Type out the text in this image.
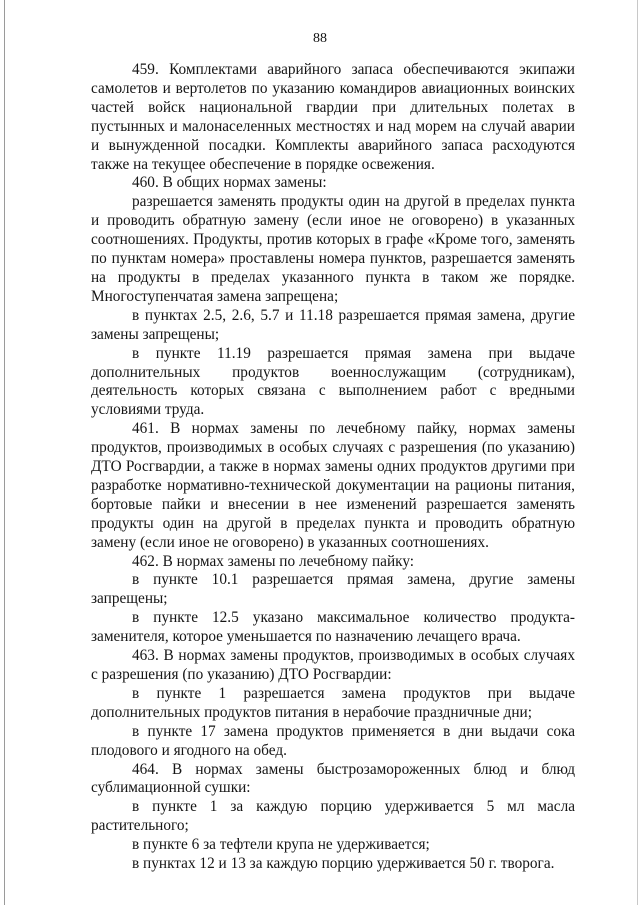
88

459. Комплектами аварийного запаса обеспечиваются экипажи самолетов и вертолетов по указанию командиров авиационных воинских частей войск национальной гвардии при длительных полетах в пустынных и малонаселенных местностях и над морем на случай аварии и вынужденной посадки. Комплекты аварийного запаса расходуются также на текущее обеспечение в порядке освежения.

460. В общих нормах замены:

разрешается заменять продукты один на другой в пределах пункта и проводить обратную замену (если иное не оговорено) в указанных соотношениях. Продукты, против которых в графе «Кроме того, заменять по пунктам номера» проставлены номера пунктов, разрешается заменять на продукты в пределах указанного пункта в таком же порядке. Многоступенчатая замена запрещена;

в пунктах 2.5, 2.6, 5.7 и 11.18 разрешается прямая замена, другие замены запрещены;

в пункте 11.19 разрешается прямая замена при выдаче дополнительных продуктов военнослужащим (сотрудникам), деятельность которых связана с выполнением работ с вредными условиями труда.

461. В нормах замены по лечебному пайку, нормах замены продуктов, производимых в особых случаях с разрешения (по указанию) ДТО Росгвардии, а также в нормах замены одних продуктов другими при разработке нормативно-технической документации на рационы питания, бортовые пайки и внесении в нее изменений разрешается заменять продукты один на другой в пределах пункта и проводить обратную замену (если иное не оговорено) в указанных соотношениях.

462. В нормах замены по лечебному пайку:

в пункте 10.1 разрешается прямая замена, другие замены запрещены;

в пункте 12.5 указано максимальное количество продукта-заменителя, которое уменьшается по назначению лечащего врача.

463. В нормах замены продуктов, производимых в особых случаях с разрешения (по указанию) ДТО Росгвардии:

в пункте 1 разрешается замена продуктов при выдаче дополнительных продуктов питания в нерабочие праздничные дни;

в пункте 17 замена продуктов применяется в дни выдачи сока плодового и ягодного на обед.

464. В нормах замены быстрозамороженных блюд и блюд сублимационной сушки:

в пункте 1 за каждую порцию удерживается 5 мл масла растительного;

в пункте 6 за тефтели крупа не удерживается;

в пунктах 12 и 13 за каждую порцию удерживается 50 г. творога.
